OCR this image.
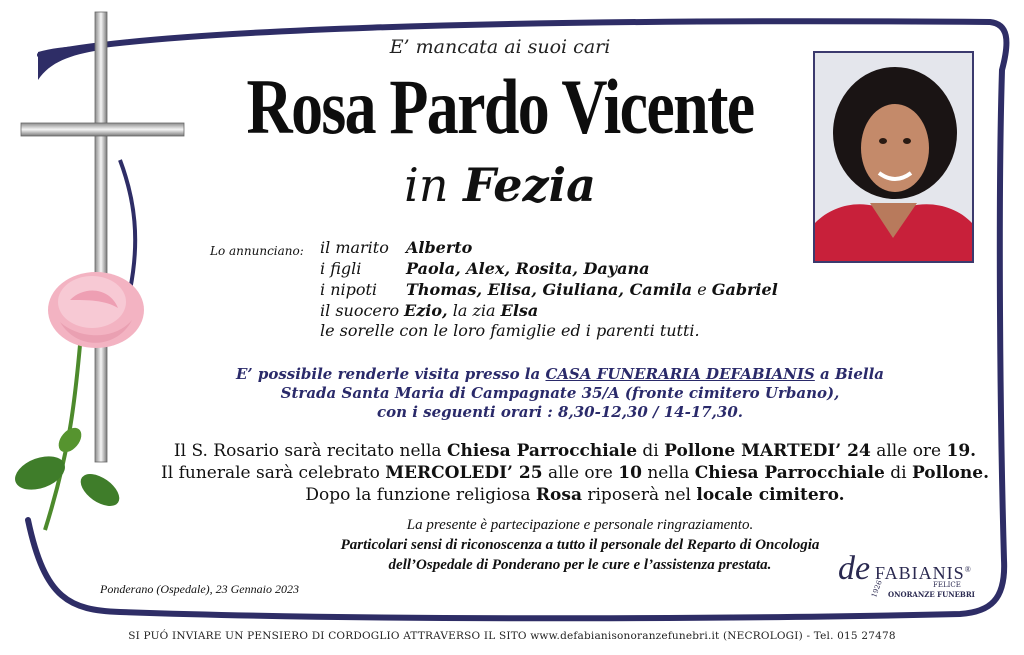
E’ mancata ai suoi cari
Rosa Pardo Vicente
in Fezia
Lo annunciano: il marito Alberto
i figli	Paola, Alex, Rosita, Dayana
i nipoti Thomas, Elisa, Giuliana, Camila e Gabriel
il suocero Ezio, la zia Elsa
le sorelle con le loro famiglie ed i parenti tutti.
E’ possibile renderle visita presso la CASA FUNERARIA DEFABIANIS a Biella
Strada Santa Maria di Campagnate 35/A (fronte cimitero Urbano),
con i seguenti orari : 8,30-12,30 / 14-17,30.
Il S. Rosario sarà recitato nella Chiesa Parrocchiale di Pollone MARTEDI’ 24 alle ore 19.
Il funerale sarà celebrato MERCOLEDI’ 25 alle ore 10 nella Chiesa Parrocchiale di Pollone.
Dopo la funzione religiosa Rosa riposerà nel locale cimitero.
La presente è partecipazione e personale ringraziamento.
Particolari sensi di riconoscenza a tutto il personale del Reparto di Oncologia
dell’Ospedale di Ponderano per le cure e l’assistenza prestata.
Ponderano (Ospedale), 23 Gennaio 2023
de FABIANIS®
FELICE
ONORANZE FUNEBRI
1926
SI PUÓ INVIARE UN PENSIERO DI CORDOGLIO ATTRAVERSO IL SITO www.defabianisonoranzefunebri.it (NECROLOGI) - Tel. 015 27478
